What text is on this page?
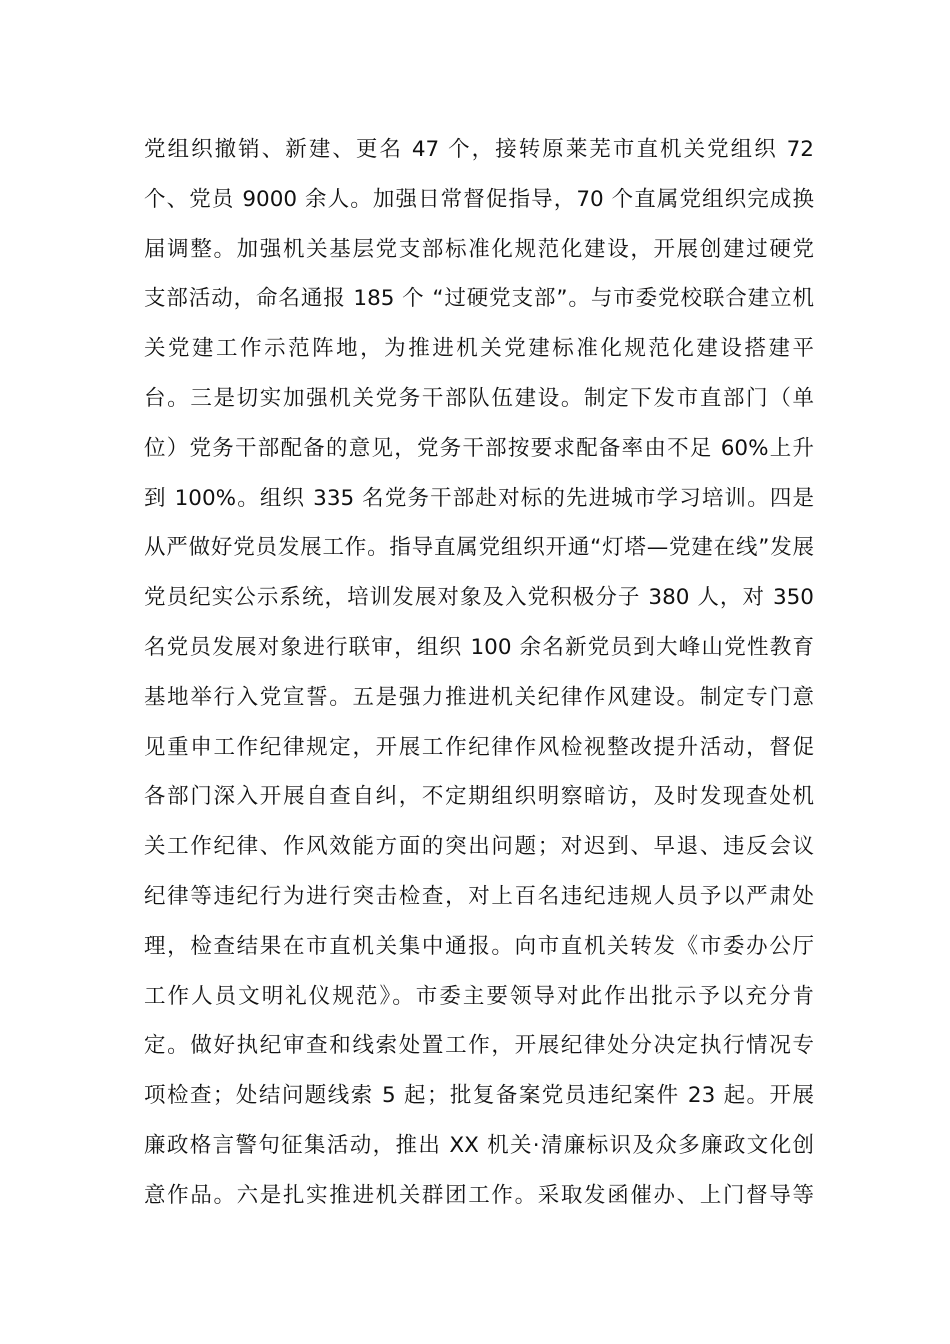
党组织撤销、新建、更名 47 个，接转原莱芜市直机关党组织 72
个、党员 9000 余人。加强日常督促指导，70 个直属党组织完成换
届调整。加强机关基层党支部标准化规范化建设，开展创建过硬党
支部活动，命名通报 185 个 “过硬党支部”。与市委党校联合建立机
关党建工作示范阵地，为推进机关党建标准化规范化建设搭建平
台。三是切实加强机关党务干部队伍建设。制定下发市直部门（单
位）党务干部配备的意见，党务干部按要求配备率由不足 60%上升
到 100%。组织 335 名党务干部赴对标的先进城市学习培训。四是
从严做好党员发展工作。指导直属党组织开通“灯塔—党建在线”发展
党员纪实公示系统，培训发展对象及入党积极分子 380 人，对 350
名党员发展对象进行联审，组织 100 余名新党员到大峰山党性教育
基地举行入党宣誓。五是强力推进机关纪律作风建设。制定专门意
见重申工作纪律规定，开展工作纪律作风检视整改提升活动，督促
各部门深入开展自查自纠，不定期组织明察暗访，及时发现查处机
关工作纪律、作风效能方面的突出问题；对迟到、早退、违反会议
纪律等违纪行为进行突击检查，对上百名违纪违规人员予以严肃处
理，检查结果在市直机关集中通报。向市直机关转发《市委办公厅
工作人员文明礼仪规范》。市委主要领导对此作出批示予以充分肯
定。做好执纪审查和线索处置工作，开展纪律处分决定执行情况专
项检查；处结问题线索 5 起；批复备案党员违纪案件 23 起。开展
廉政格言警句征集活动，推出 XX 机关·清廉标识及众多廉政文化创
意作品。六是扎实推进机关群团工作。采取发函催办、上门督导等
